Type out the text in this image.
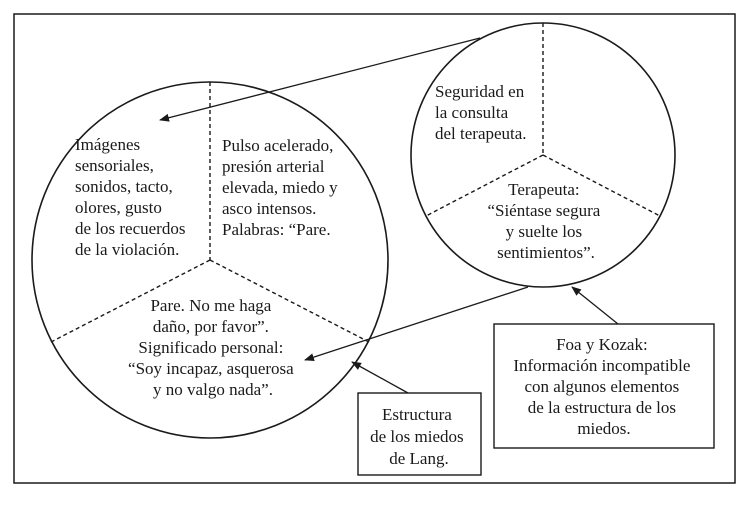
Imágenes sensoriales, sonidos, tacto, olores, gusto de los recuerdos de la violación.
Pulso acelerado, presión arterial elevada, miedo y asco intensos. Palabras: “Pare.
Pare. No me haga daño, por favor”. Significado personal: “Soy incapaz, asquerosa y no valgo nada”.
Seguridad en la consulta del terapeuta.
Terapeuta: “Siéntase segura y suelte los sentimientos”.
Estructura de los miedos de Lang.
Foa y Kozak: Información incompatible con algunos elementos de la estructura de los miedos.
